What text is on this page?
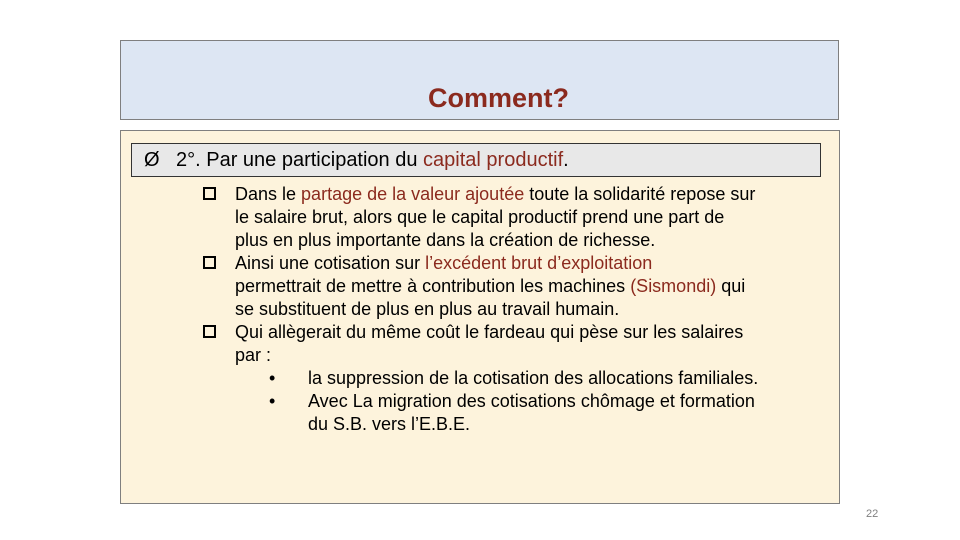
Comment?
Ø 2°. Par une participation du capital productif.
Dans le partage de la valeur ajoutée toute la solidarité repose sur
le salaire brut, alors que le capital productif prend une part de
plus en plus importante dans la création de richesse.
Ainsi une cotisation sur l’excédent brut d’exploitation
permettrait de mettre à contribution les machines (Sismondi) qui
se substituent de plus en plus au travail humain.
Qui allègerait du même coût le fardeau qui pèse sur les salaires
par :
• la suppression de la cotisation des allocations familiales.
• Avec La migration des cotisations chômage et formation
du S.B. vers l’E.B.E.
22
